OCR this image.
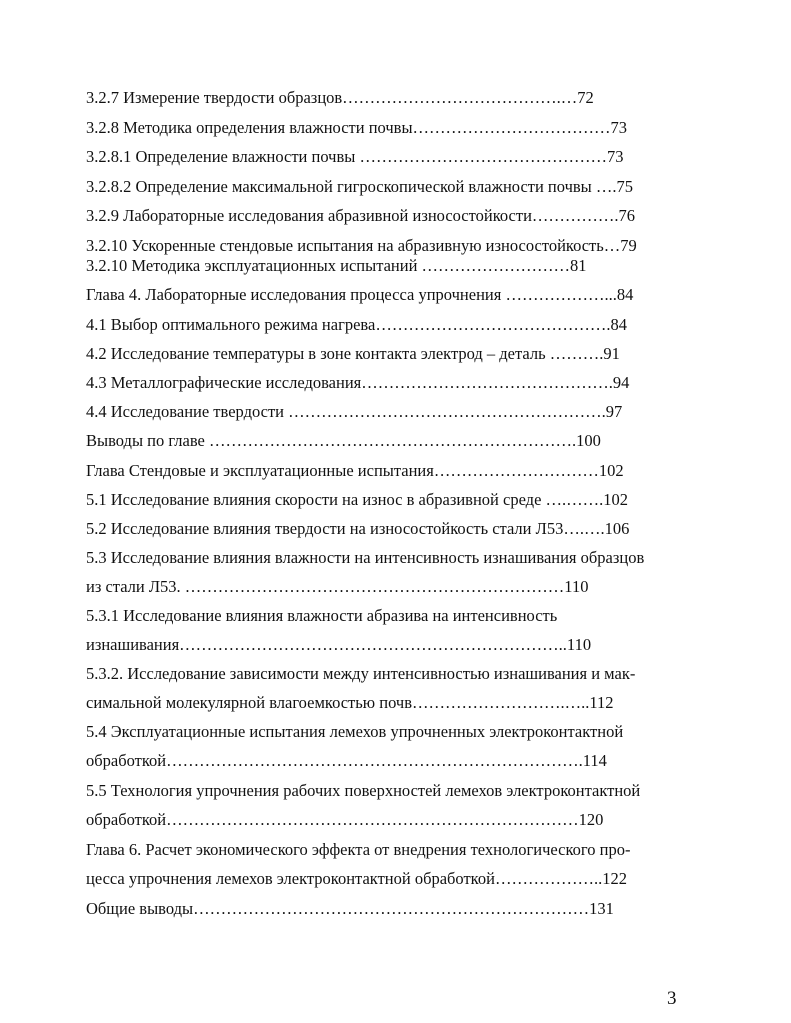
3.2.7 Измерение твердости образцов………………………………….…72
3.2.8 Методика определения влажности почвы………………………………73
3.2.8.1 Определение влажности почвы ………………………………………73
3.2.8.2 Определение максимальной гигроскопической влажности почвы ….75
3.2.9 Лабораторные исследования абразивной износостойкости…………….76
3.2.10 Ускоренные стендовые испытания на абразивную износостойкость…79
3.2.10 Методика эксплуатационных испытаний ………………………81
Глава 4. Лабораторные исследования процесса упрочнения ………………...84
4.1 Выбор оптимального режима нагрева…………………………………….84
4.2 Исследование температуры в зоне контакта электрод – деталь ……….91
4.3 Металлографические исследования……………………………………….94
4.4 Исследование твердости ………………………………………………….97
Выводы по главе ………………………………………………………….100
Глава Стендовые и эксплуатационные испытания…………………………102
5.1 Исследование влияния скорости на износ в абразивной среде ….…….102
5.2 Исследование влияния твердости на износостойкость стали Л53….….106
5.3 Исследование влияния влажности на интенсивность изнашивания образцов
из стали Л53. ……………………………………………………………110
5.3.1 Исследование влияния влажности абразива на интенсивность
изнашивания……………………………………………………………..110
5.3.2. Исследование зависимости между интенсивностью изнашивания и мак-
симальной молекулярной влагоемкостью почв……………………….…..112
5.4 Эксплуатационные испытания лемехов упрочненных электроконтактной
обработкой………………………………………………………………….114
5.5 Технология упрочнения рабочих поверхностей лемехов электроконтактной
обработкой…………………………………………………………………120
Глава 6. Расчет экономического эффекта от внедрения технологического про-
цесса упрочнения лемехов электроконтактной обработкой………………..122
Общие выводы………………………………………………………………131
3
